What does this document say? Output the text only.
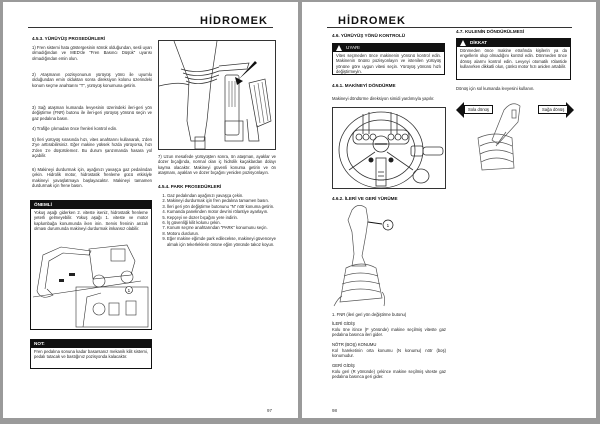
HİDROMEK
4.5.3. YÜRÜYÜŞ PROSEDÜRLERİ
1) Fren sistemi hata göstergesinin sönük olduğundan, sesli uyarı olmadığından ve MED'de "Fren Basıncı Düşük" uyarısı olmadığından emin olun.
2) Ataşmanın pozisyonunun yürüyüş yönü ile uyumlu olduğundan emin olduktan sonra direksiyon kolonu üzerindeki konum seçme anahtarını "T", yürüyüş konumuna getirin.
3) Sağ ataşman kumanda levyesinin üzerindeki ileri-geri yön değiştirme (FNR) butonu ile ileri-geri yürüyüş yönünü seçin ve gaz pedalına basın.
4) Trafiğe çıkmadan önce frenleri kontrol edin.
5) İleri yürüyüş sırasında hızı, vites anahtarını kullanarak, 1'den 2'ye arttırabilirsiniz. Eğer makine yüksek hızda yürüyorsa, hızı 2'den 1'e düşürülemez. Bu durum şanzımanda hasara yol açabilir.
6) Makineyi durdurmak için, ayağınızı yavaşça gaz pedalından çekin. Hidrolik motor, hidrostatik frenleme gücü etkisiyle makineyi yavaşlatmaya başlayacaktır. Makineyi tamamen durdurmak için frene basın.
7) Uzun mesafede yürüyüşten sonra, ön ataşman, ayaklar ve dozer bıçağında, normal olan iç hidrolik kaçaklardan dolayı kayma olacaktır. Makineyi güvenli konuma getirin ve ön ataşmanı, ayakları ve dozer bıçağını yeniden pozisyonlayın.
4.5.4. PARK PROSEDÜRLERİ
1. Gaz pedalından ayağınızı yavaşça çekin.
2. Makineyi durdurmak için fren pedalına tamamen basın.
3. İleri geri yön değiştirme butonunu "N" nötr konuma getirin.
4. Kumanda panelinden motor devrini rölantiye ayarlayın.
5. Kepçeyi ve dozer bıçağını yere indirin.
6. İş güvenliği kilit kolunu çekin.
7. Konum seçme anahtarından "PARK" konumunu seçin.
8. Motoru durdurun.
9. Eğer makine eğimde park edilecekse, makineyi güvenceye almak için tekerleklerin önüne eğim yönünde takoz koyun.
ÖNEMLİ
Yokuş aşağı giderken 2. viteste iseniz, hidrostatik frenleme yeterli gelmeyebilir. Yokuş aşağı 1. viteste ve motor kaplumbağa konumunda iken inin. Servis freninin arızalı olması durumunda makineyi durdurmak imkansız olabilir.
1
NOT:
Fren pedalına sonuna kadar basarsanız mekanik kilit sistemi, pedalı tutacak ve bastığınız pozisyonda kalacaktır.
97
HİDROMEK
4.6. YÜRÜYÜŞ YÖNÜ KONTROLÜ
UYARI
Vites seçmeden önce makinenin yönünü kontrol edin. Makinenin önünü pozisyonlayın ve istenilen yürüyüş yönüne göre uygun vitesi seçin. Yürüyüş yönünü hızlı değiştirmeyin.
4.6.1. MAKİNEYİ DÖNDÜRME
Makineyi döndürme direksiyon simidi yardımıyla yapılır.
4.6.2. İLERİ VE GERİ YÜRÜME
1
1. FNR (ileri geri yön değiştirme butonu)
İLERİ GİDİŞ
Kolu öne itince (F yönünde) makine seçilmiş viteste gaz pedalına basınca ileri gider.
NÖTR (BOŞ) KONUMU
Kol hareketinin orta konumu (N konumu) nötr (boş) konumudur.
GERİ GİDİŞ
Kolu geri (R yönünde) çekince makine seçilmiş viteste gaz pedalına basınca geri gider.
98
4.7. KULENİN DÖNDÜRÜLMESİ
DİKKAT
Dönmeden önce makine etrafında kişilerin ya da engellerin olup olmadığını kontrol edin. Dönmeden önce dönüş alarmı kontrol edin. Levyeyi otomatik rölantide kullanırken dikkatli olun, çünkü motor hızı aniden artabilir.
Dönüş için sol kumanda levyesini kullanın.
Sola dönüş	Sağa dönüş
